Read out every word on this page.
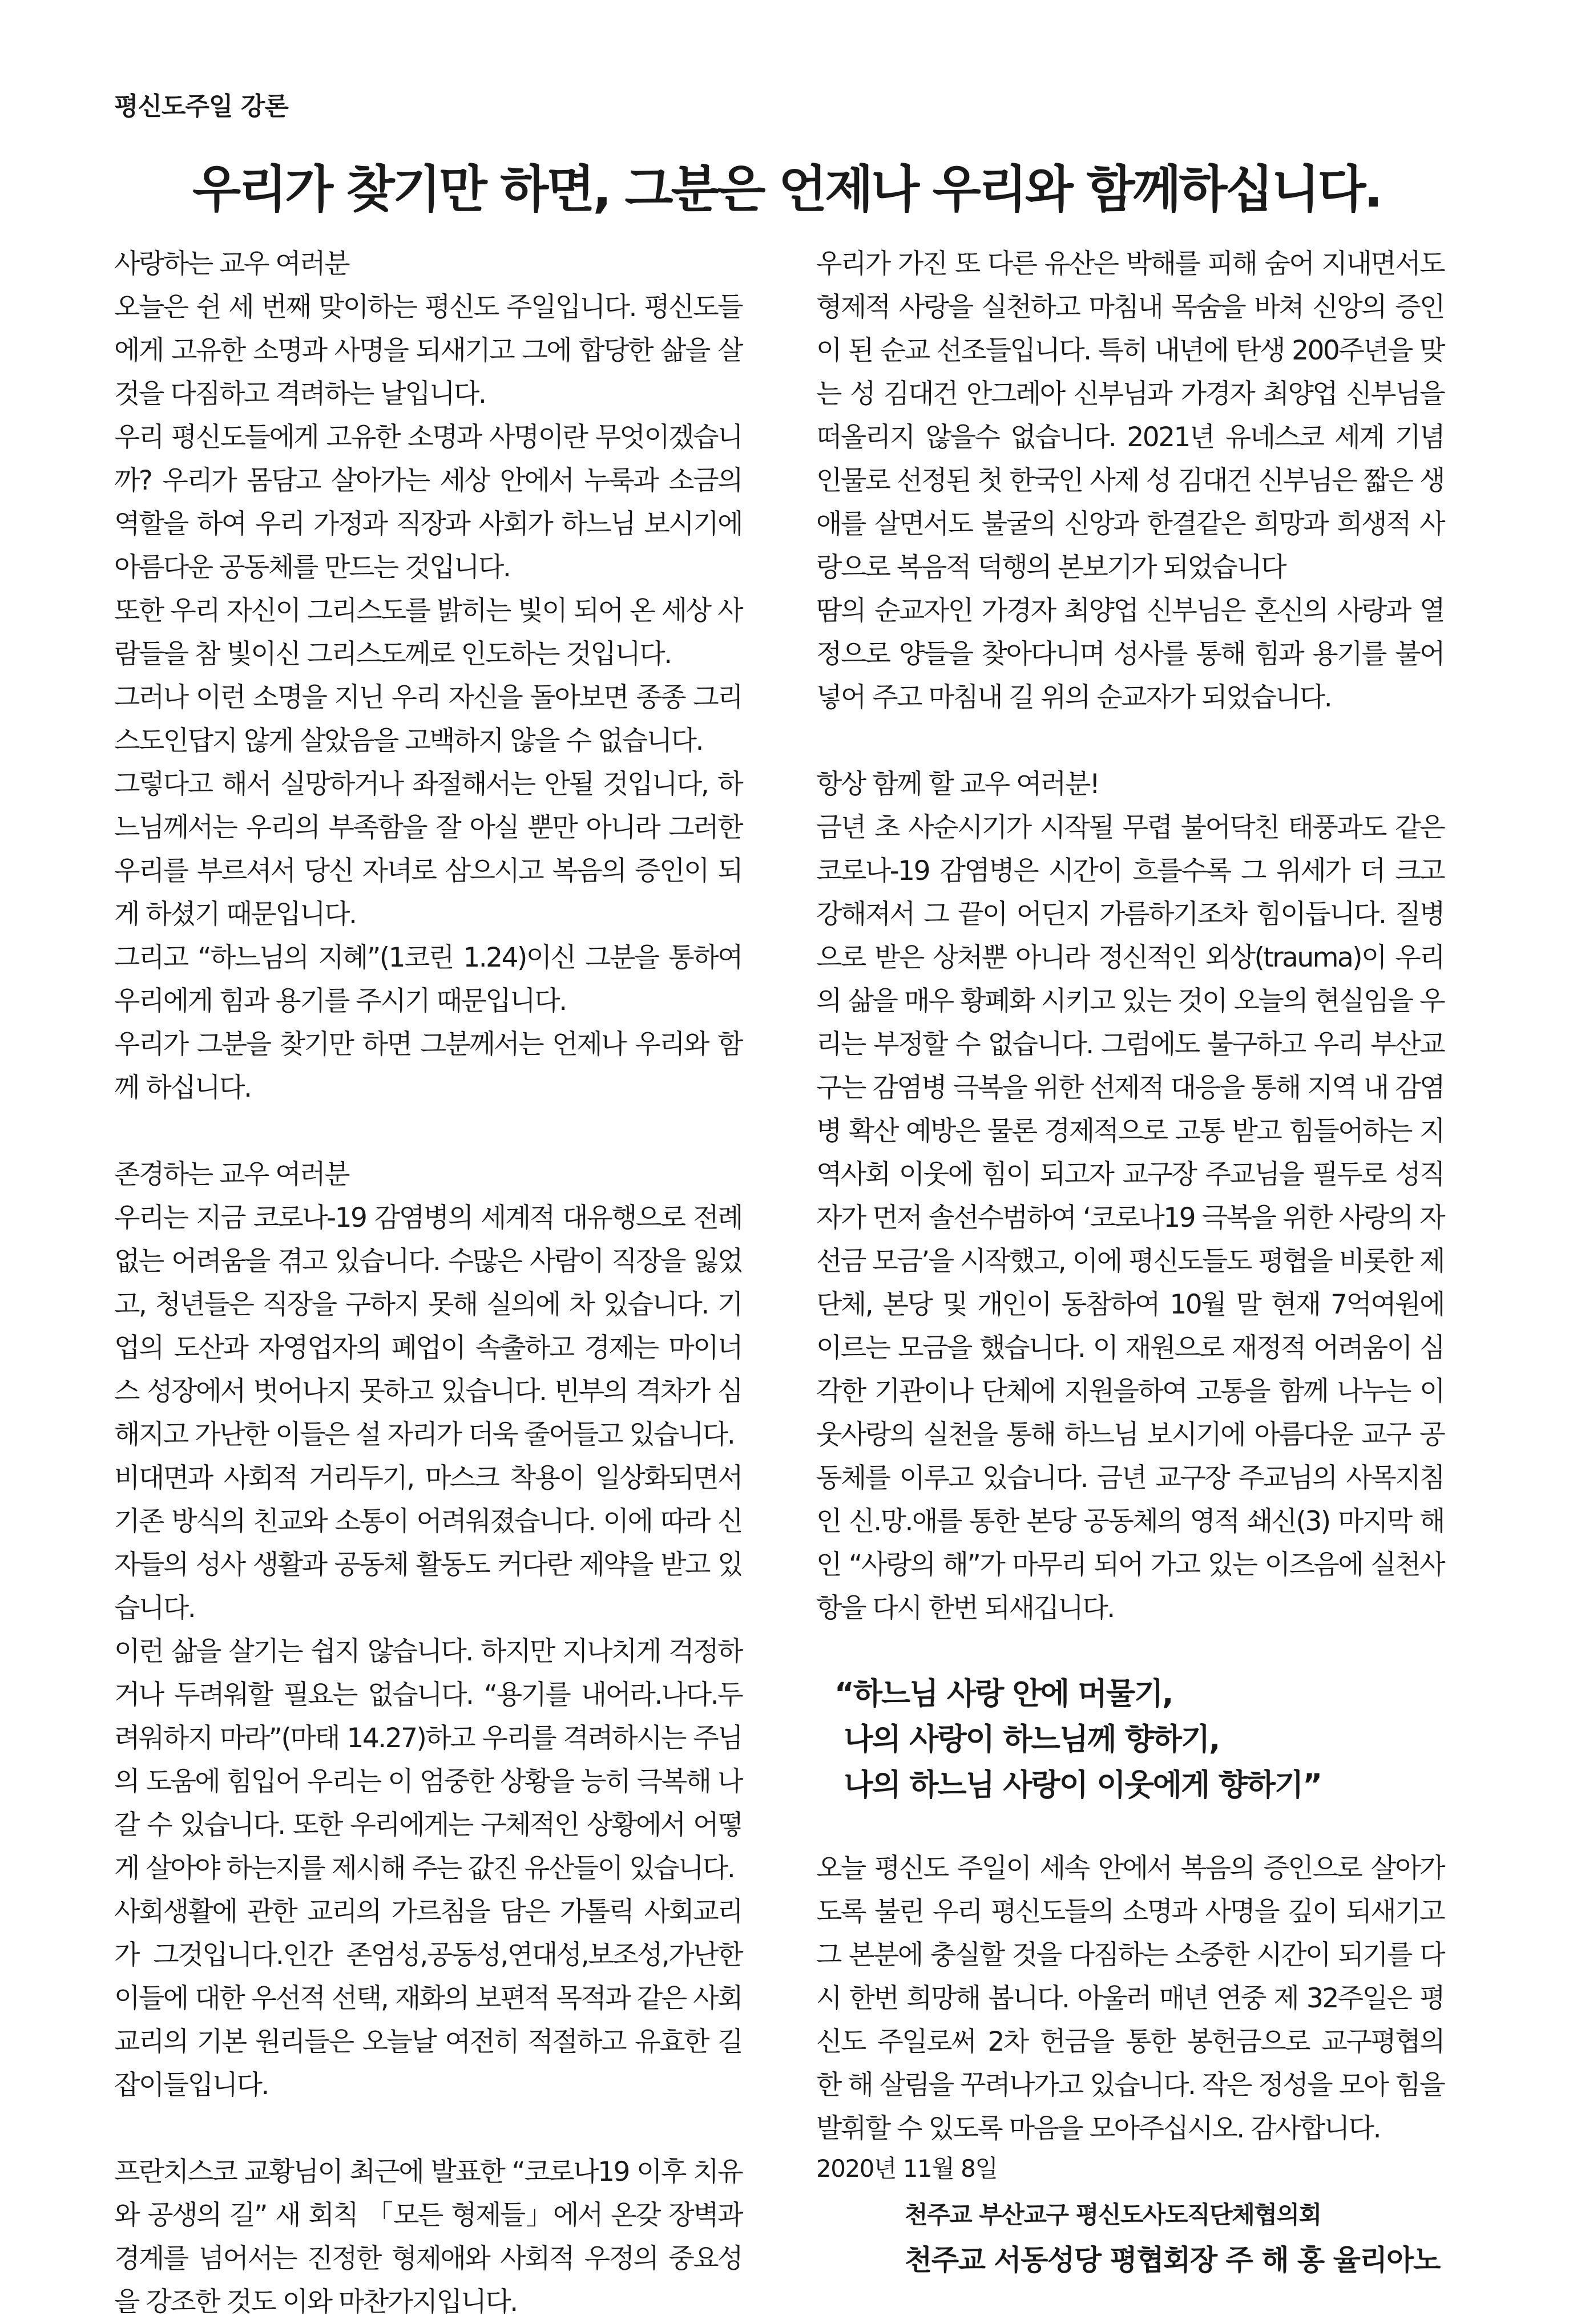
평신도주일 강론
우리가 찾기만 하면, 그분은 언제나 우리와 함께하십니다.

사랑하는 교우 여러분

오늘은 쉰 세 번째 맞이하는 평신도 주일입니다. 평신도들에게 고유한 소명과 사명을 되새기고 그에 합당한 삶을 살 것을 다짐하고 격려하는 날입니다.

우리 평신도들에게 고유한 소명과 사명이란 무엇이겠습니까? 우리가 몸담고 살아가는 세상 안에서 누룩과 소금의 역할을 하여 우리 가정과 직장과 사회가 하느님 보시기에 아름다운 공동체를 만드는 것입니다.

또한 우리 자신이 그리스도를 밝히는 빛이 되어 온 세상 사람들을 참 빛이신 그리스도께로 인도하는 것입니다.

그러나 이런 소명을 지닌 우리 자신을 돌아보면 종종 그리스도인답지 않게 살았음을 고백하지 않을 수 없습니다.

그렇다고 해서 실망하거나 좌절해서는 안될 것입니다, 하느님께서는 우리의 부족함을 잘 아실 뿐만 아니라 그러한 우리를 부르셔서 당신 자녀로 삼으시고 복음의 증인이 되게 하셨기 때문입니다.

그리고 “하느님의 지혜”(1코린 1.24)이신 그분을 통하여 우리에게 힘과 용기를 주시기 때문입니다.

우리가 그분을 찾기만 하면 그분께서는 언제나 우리와 함께 하십니다.

존경하는 교우 여러분

우리는 지금 코로나-19 감염병의 세계적 대유행으로 전례 없는 어려움을 겪고 있습니다. 수많은 사람이 직장을 잃었고, 청년들은 직장을 구하지 못해 실의에 차 있습니다. 기업의 도산과 자영업자의 폐업이 속출하고 경제는 마이너스 성장에서 벗어나지 못하고 있습니다. 빈부의 격차가 심해지고 가난한 이들은 설 자리가 더욱 줄어들고 있습니다.

비대면과 사회적 거리두기, 마스크 착용이 일상화되면서 기존 방식의 친교와 소통이 어려워졌습니다. 이에 따라 신자들의 성사 생활과 공동체 활동도 커다란 제약을 받고 있습니다.

이런 삶을 살기는 쉽지 않습니다. 하지만 지나치게 걱정하거나 두려워할 필요는 없습니다. “용기를 내어라.나다.두려워하지 마라”(마태 14.27)하고 우리를 격려하시는 주님의 도움에 힘입어 우리는 이 엄중한 상황을 능히 극복해 나갈 수 있습니다. 또한 우리에게는 구체적인 상황에서 어떻게 살아야 하는지를 제시해 주는 값진 유산들이 있습니다.

사회생활에 관한 교리의 가르침을 담은 가톨릭 사회교리가 그것입니다.인간 존엄성,공동성,연대성,보조성,가난한 이들에 대한 우선적 선택, 재화의 보편적 목적과 같은 사회교리의 기본 원리들은 오늘날 여전히 적절하고 유효한 길잡이들입니다.

프란치스코 교황님이 최근에 발표한 “코로나19 이후 치유와 공생의 길” 새 회칙 「모든 형제들」에서 온갖 장벽과 경계를 넘어서는 진정한 형제애와 사회적 우정의 중요성을 강조한 것도 이와 마찬가지입니다.

우리가 가진 또 다른 유산은 박해를 피해 숨어 지내면서도 형제적 사랑을 실천하고 마침내 목숨을 바쳐 신앙의 증인이 된 순교 선조들입니다. 특히 내년에 탄생 200주년을 맞는 성 김대건 안그레아 신부님과 가경자 최양업 신부님을 떠올리지 않을수 없습니다. 2021년 유네스코 세계 기념 인물로 선정된 첫 한국인 사제 성 김대건 신부님은 짧은 생애를 살면서도 불굴의 신앙과 한결같은 희망과 희생적 사랑으로 복음적 덕행의 본보기가 되었습니다

땀의 순교자인 가경자 최양업 신부님은 혼신의 사랑과 열정으로 양들을 찾아다니며 성사를 통해 힘과 용기를 불어넣어 주고 마침내 길 위의 순교자가 되었습니다.

항상 함께 할 교우 여러분!

금년 초 사순시기가 시작될 무렵 불어닥친 태풍과도 같은 코로나-19 감염병은 시간이 흐를수록 그 위세가 더 크고 강해져서 그 끝이 어딘지 가름하기조차 힘이듭니다. 질병으로 받은 상처뿐 아니라 정신적인 외상(trauma)이 우리의 삶을 매우 황폐화 시키고 있는 것이 오늘의 현실임을 우리는 부정할 수 없습니다. 그럼에도 불구하고 우리 부산교구는 감염병 극복을 위한 선제적 대응을 통해 지역 내 감염병 확산 예방은 물론 경제적으로 고통 받고 힘들어하는 지역사회 이웃에 힘이 되고자 교구장 주교님을 필두로 성직자가 먼저 솔선수범하여 ‘코로나19 극복을 위한 사랑의 자선금 모금’을 시작했고, 이에 평신도들도 평협을 비롯한 제단체, 본당 및 개인이 동참하여 10월 말 현재 7억여원에 이르는 모금을 했습니다. 이 재원으로 재정적 어려움이 심각한 기관이나 단체에 지원을하여 고통을 함께 나누는 이웃사랑의 실천을 통해 하느님 보시기에 아름다운 교구 공동체를 이루고 있습니다. 금년 교구장 주교님의 사목지침인 신.망.애를 통한 본당 공동체의 영적 쇄신(3) 마지막 해인 “사랑의 해”가 마무리 되어 가고 있는 이즈음에 실천사항을 다시 한번 되새깁니다.

“하느님 사랑 안에 머물기,
나의 사랑이 하느님께 향하기,
나의 하느님 사랑이 이웃에게 향하기”

오늘 평신도 주일이 세속 안에서 복음의 증인으로 살아가도록 불린 우리 평신도들의 소명과 사명을 깊이 되새기고 그 본분에 충실할 것을 다짐하는 소중한 시간이 되기를 다시 한번 희망해 봅니다. 아울러 매년 연중 제 32주일은 평신도 주일로써 2차 헌금을 통한 봉헌금으로 교구평협의 한 해 살림을 꾸려나가고 있습니다. 작은 정성을 모아 힘을 발휘할 수 있도록 마음을 모아주십시오. 감사합니다.

2020년 11월 8일
천주교 부산교구 평신도사도직단체협의회
천주교 서동성당 평협회장 주 해 홍 율리아노
